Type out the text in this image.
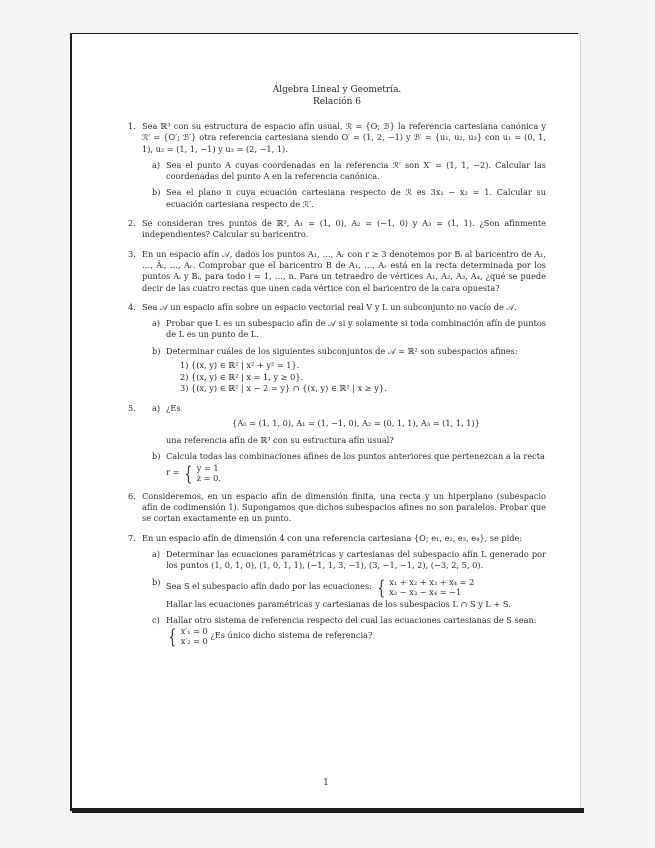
Álgebra Lineal y Geometría.
Relación 6
1. Sea ℝ³ con su estructura de espacio afín usual, ℛ = {O; ℬ} la referencia cartesiana canónica y ℛ′ = {O′; ℬ′} otra referencia cartesiana siendo O′ = (1, 2, −1) y ℬ′ = {u₁, u₂, u₃} con u₁ = (0, 1, 1), u₂ = (1, 1, −1) y u₃ = (2, −1, 1).
a) Sea el punto A cuyas coordenadas en la referencia ℛ′ son X′ = (1, 1, −2). Calcular las coordenadas del punto A en la referencia canónica.
b) Sea el plano π cuya ecuación cartesiana respecto de ℛ es 3x₁ − x₂ = 1. Calcular su ecuación cartesiana respecto de ℛ′.
2. Se consideran tres puntos de ℝ², A₁ = (1, 0), A₂ = (−1, 0) y A₃ = (1, 1). ¿Son afinmente independientes? Calcular su baricentro.
3. En un espacio afín 𝒜, dados los puntos A₁, …, Aᵣ con r ≥ 3 denotemos por Bᵢ al baricentro de A₁, …, Âᵢ, …, Aᵣ. Comprobar que el baricentro B de A₁, …, Aᵣ está en la recta determinada por los puntos Aᵢ y Bᵢ, para todo i = 1, …, n. Para un tetraedro de vértices A₁, A₂, A₃, A₄, ¿qué se puede decir de las cuatro rectas que unen cada vértice con el baricentro de la cara opuesta?
4. Sea 𝒜 un espacio afín sobre un espacio vectorial real V y L un subconjunto no vacío de 𝒜.
a) Probar que L es un subespacio afín de 𝒜 si y solamente si toda combinación afín de puntos de L es un punto de L.
b) Determinar cuáles de los siguientes subconjuntos de 𝒜 = ℝ² son subespacios afines:
1) {(x, y) ∈ ℝ² | x² + y² = 1}.
2) {(x, y) ∈ ℝ² | x = 1, y ≥ 0}.
3) {(x, y) ∈ ℝ² | x − 2 = y} ∩ {(x, y) ∈ ℝ² | x ≥ y}.
5. a) ¿Es
{A₀ = (1, 1, 0), A₁ = (1, −1, 0), A₂ = (0, 1, 1), A₃ = (1, 1, 1)}
una referencia afín de ℝ³ con su estructura afín usual?
b) Calcula todas las combinaciones afines de los puntos anteriores que pertenezcan a la recta
r = { y = 1
z = 0.
6. Consideremos, en un espacio afín de dimensión finita, una recta y un hiperplano (subespacio afín de codimensión 1). Supongamos que dichos subespacios afines no son paralelos. Probar que se cortan exactamente en un punto.
7. En un espacio afín de dimensión 4 con una referencia cartesiana {O; e₁, e₂, e₃, e₄}, se pide:
a) Determinar las ecuaciones paramétricas y cartesianas del subespacio afín L generado por los puntos (1, 0, 1, 0), (1, 0, 1, 1), (−1, 1, 3, −1), (3, −1, −1, 2), (−3, 2, 5, 0).
b) Sea S el subespacio afín dado por las ecuaciones: { x₁ + x₂ + x₃ + x₄ = 2
x₂ − x₃ − x₄ = −1
Hallar las ecuaciones paramétricas y cartesianas de los subespacios L ∩ S y L + S.
c) Hallar otro sistema de referencia respecto del cual las ecuaciones cartesianas de S sean:
{ x′₁ = 0
x′₂ = 0
¿Es único dicho sistema de referencia?
1
